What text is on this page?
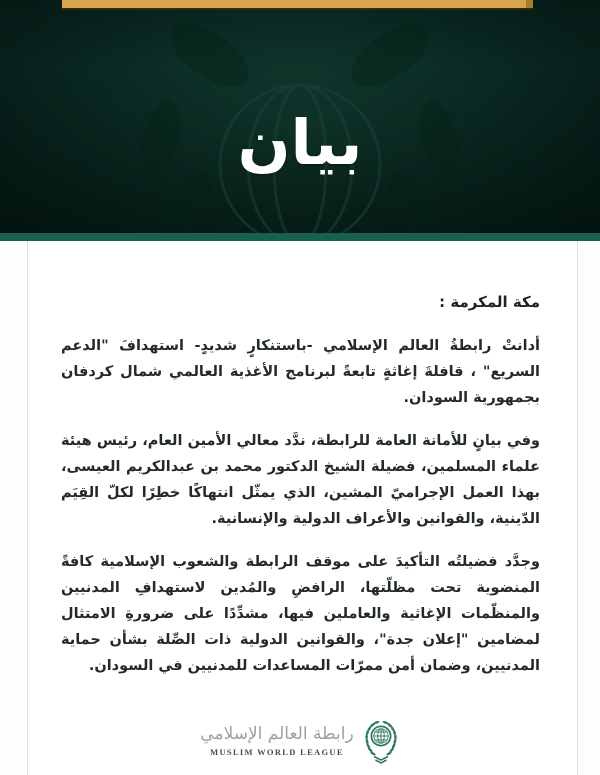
بيان
مكة المكرمة :

أدانتْ رابطةُ العالم الإسلامي -باستنكارٍ شديدٍ- استهدافَ "الدعم السريع" ، قافلةَ إغاثةٍ تابعةً لبرنامج الأغذية العالمي شمال كردفان بجمهورية السودان.

وفي بيانٍ للأمانة العامة للرابطة، ندَّد معالي الأمين العام، رئيس هيئة علماء المسلمين، فضيلة الشيخ الدكتور محمد بن عبدالكريم العيسى، بهذا العمل الإجراميّ المشين، الذي يمثّل انتهاكًا خطِرًا لكلّ القِيَم الدّينية، والقوانين والأعراف الدولية والإنسانية.

وجدَّد فضيلتُه التأكيدَ على موقف الرابطة والشعوب الإسلامية كافةً المنضوية تحت مظلّتها، الرافضِ والمُدين لاستهدافِ المدنيين والمنظّمات الإغاثية والعاملين فيها، مشدِّدًا على ضرورةِ الامتثال لمضامين "إعلان جدة"، والقوانين الدولية ذات الصِّلة بشأن حماية المدنيين، وضمان أمن ممرّات المساعدات للمدنيين في السودان.

رابطة العالم الإسلامي
MUSLIM WORLD LEAGUE
